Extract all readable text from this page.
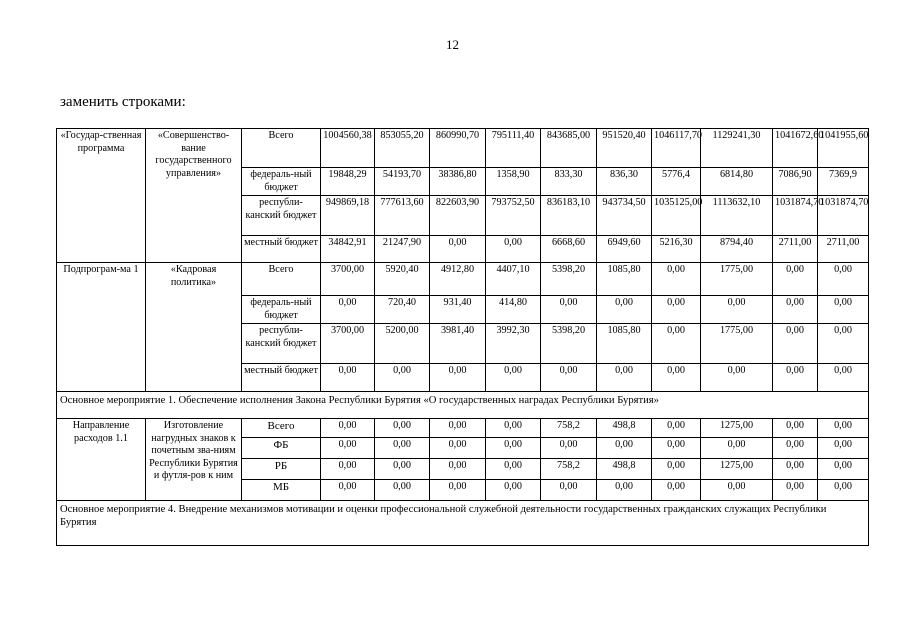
12
заменить строками:
«Государ-ственная программа	«Совершенство-вание государственного управления»	Всего	1004560,38	853055,20	860990,70	795111,40	843685,00	951520,40	1046117,70	1129241,30	1041672,60	1041955,60
		федераль-ный бюджет	19848,29	54193,70	38386,80	1358,90	833,30	836,30	5776,4	6814,80	7086,90	7369,9
		республи-канский бюджет	949869,18	777613,60	822603,90	793752,50	836183,10	943734,50	1035125,00	1113632,10	1031874,70	1031874,70
		местный бюджет	34842,91	21247,90	0,00	0,00	6668,60	6949,60	5216,30	8794,40	2711,00	2711,00
Подпрограм-ма 1	«Кадровая политика»	Всего	3700,00	5920,40	4912,80	4407,10	5398,20	1085,80	0,00	1775,00	0,00	0,00
		федераль-ный бюджет	0,00	720,40	931,40	414,80	0,00	0,00	0,00	0,00	0,00	0,00
		республи-канский бюджет	3700,00	5200,00	3981,40	3992,30	5398,20	1085,80	0,00	1775,00	0,00	0,00
		местный бюджет	0,00	0,00	0,00	0,00	0,00	0,00	0,00	0,00	0,00	0,00
Основное мероприятие 1. Обеспечение исполнения Закона Республики Бурятия «О государственных наградах Республики Бурятия»												
Направление расходов 1.1	Изготовление нагрудных знаков к почетным зва-ниям Республики Бурятия и футля-ров к ним	Всего	0,00	0,00	0,00	0,00	758,2	498,8	0,00	1275,00	0,00	0,00
		ФБ	0,00	0,00	0,00	0,00	0,00	0,00	0,00	0,00	0,00	0,00
		РБ	0,00	0,00	0,00	0,00	758,2	498,8	0,00	1275,00	0,00	0,00
		МБ	0,00	0,00	0,00	0,00	0,00	0,00	0,00	0,00	0,00	0,00
Основное мероприятие 4. Внедрение механизмов мотивации и оценки профессиональной служебной деятельности государственных гражданских служащих Республики Бурятия												
